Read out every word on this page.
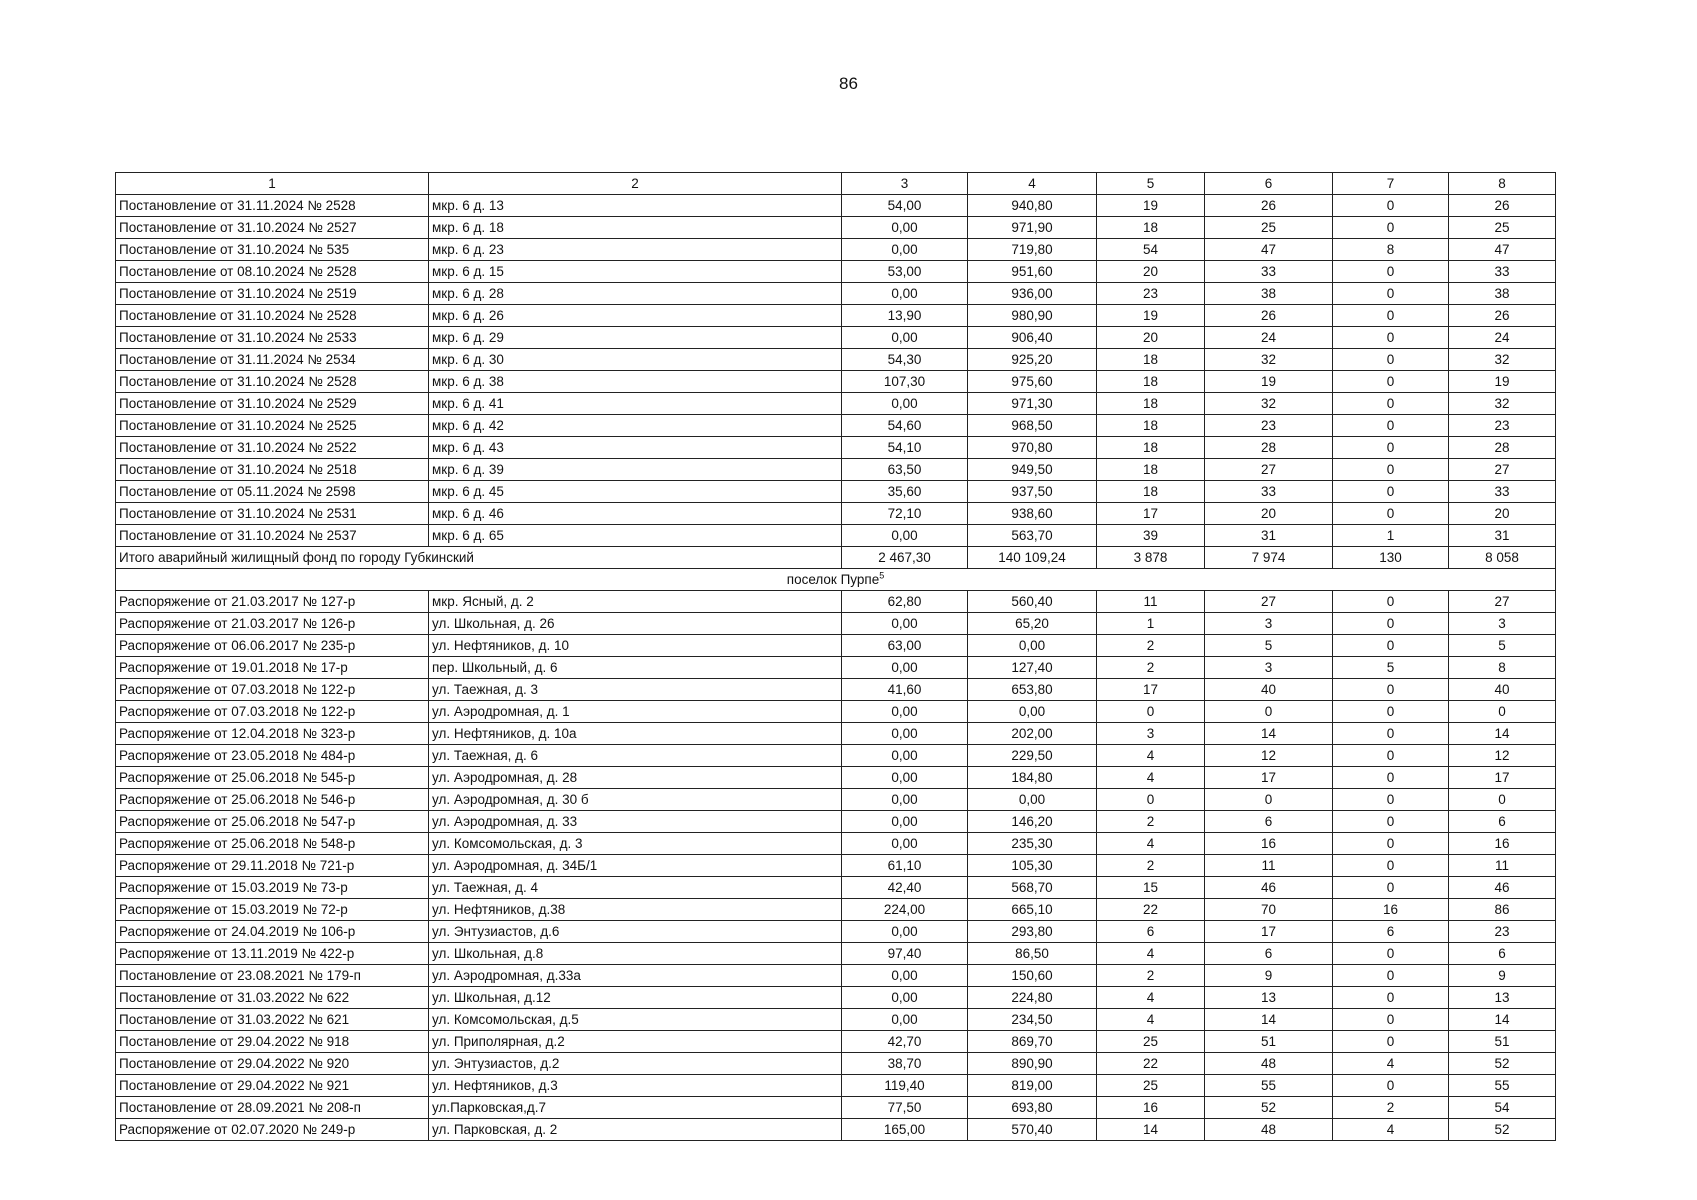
86
1	2	3	4	5	6	7	8
Постановление от 31.11.2024 № 2528	мкр. 6 д. 13	54,00	940,80	19	26	0	26
Постановление от 31.10.2024 № 2527	мкр. 6 д. 18	0,00	971,90	18	25	0	25
Постановление от 31.10.2024 № 535	мкр. 6 д. 23	0,00	719,80	54	47	8	47
Постановление от 08.10.2024 № 2528	мкр. 6 д. 15	53,00	951,60	20	33	0	33
Постановление от 31.10.2024 № 2519	мкр. 6 д. 28	0,00	936,00	23	38	0	38
Постановление от 31.10.2024 № 2528	мкр. 6 д. 26	13,90	980,90	19	26	0	26
Постановление от 31.10.2024 № 2533	мкр. 6 д. 29	0,00	906,40	20	24	0	24
Постановление от 31.11.2024 № 2534	мкр. 6 д. 30	54,30	925,20	18	32	0	32
Постановление от 31.10.2024 № 2528	мкр. 6 д. 38	107,30	975,60	18	19	0	19
Постановление от 31.10.2024 № 2529	мкр. 6 д. 41	0,00	971,30	18	32	0	32
Постановление от 31.10.2024 № 2525	мкр. 6 д. 42	54,60	968,50	18	23	0	23
Постановление от 31.10.2024 № 2522	мкр. 6 д. 43	54,10	970,80	18	28	0	28
Постановление от 31.10.2024 № 2518	мкр. 6 д. 39	63,50	949,50	18	27	0	27
Постановление от 05.11.2024 № 2598	мкр. 6 д. 45	35,60	937,50	18	33	0	33
Постановление от 31.10.2024 № 2531	мкр. 6 д. 46	72,10	938,60	17	20	0	20
Постановление от 31.10.2024 № 2537	мкр. 6 д. 65	0,00	563,70	39	31	1	31
Итого аварийный жилищный фонд по городу Губкинский		2 467,30	140 109,24	3 878	7 974	130	8 058
поселок Пурпе$^5$
Распоряжение от 21.03.2017 № 127-р	мкр. Ясный, д. 2	62,80	560,40	11	27	0	27
Распоряжение от 21.03.2017 № 126-р	ул. Школьная, д. 26	0,00	65,20	1	3	0	3
Распоряжение от 06.06.2017 № 235-р	ул. Нефтяников, д. 10	63,00	0,00	2	5	0	5
Распоряжение от 19.01.2018 № 17-р	пер. Школьный, д. 6	0,00	127,40	2	3	5	8
Распоряжение от 07.03.2018 № 122-р	ул. Таежная, д. 3	41,60	653,80	17	40	0	40
Распоряжение от 07.03.2018 № 122-р	ул. Аэродромная, д. 1	0,00	0,00	0	0	0	0
Распоряжение от 12.04.2018 № 323-р	ул. Нефтяников, д. 10а	0,00	202,00	3	14	0	14
Распоряжение от 23.05.2018 № 484-р	ул. Таежная, д. 6	0,00	229,50	4	12	0	12
Распоряжение от 25.06.2018 № 545-р	ул. Аэродромная, д. 28	0,00	184,80	4	17	0	17
Распоряжение от 25.06.2018 № 546-р	ул. Аэродромная, д. 30 б	0,00	0,00	0	0	0	0
Распоряжение от 25.06.2018 № 547-р	ул. Аэродромная, д. 33	0,00	146,20	2	6	0	6
Распоряжение от 25.06.2018 № 548-р	ул. Комсомольская, д. 3	0,00	235,30	4	16	0	16
Распоряжение от 29.11.2018 № 721-р	ул. Аэродромная, д. 34Б/1	61,10	105,30	2	11	0	11
Распоряжение от 15.03.2019 № 73-р	ул. Таежная, д. 4	42,40	568,70	15	46	0	46
Распоряжение от 15.03.2019 № 72-р	ул. Нефтяников, д.38	224,00	665,10	22	70	16	86
Распоряжение от 24.04.2019 № 106-р	ул. Энтузиастов, д.6	0,00	293,80	6	17	6	23
Распоряжение от 13.11.2019 № 422-р	ул. Школьная, д.8	97,40	86,50	4	6	0	6
Постановление от 23.08.2021 № 179-п	ул. Аэродромная, д.33а	0,00	150,60	2	9	0	9
Постановление от 31.03.2022 № 622	ул. Школьная, д.12	0,00	224,80	4	13	0	13
Постановление от 31.03.2022 № 621	ул. Комсомольская, д.5	0,00	234,50	4	14	0	14
Постановление от 29.04.2022 № 918	ул. Приполярная, д.2	42,70	869,70	25	51	0	51
Постановление от 29.04.2022 № 920	ул. Энтузиастов, д.2	38,70	890,90	22	48	4	52
Постановление от 29.04.2022 № 921	ул. Нефтяников, д.3	119,40	819,00	25	55	0	55
Постановление от 28.09.2021 № 208-п	ул.Парковская,д.7	77,50	693,80	16	52	2	54
Распоряжение от 02.07.2020 № 249-р	ул. Парковская, д. 2	165,00	570,40	14	48	4	52
